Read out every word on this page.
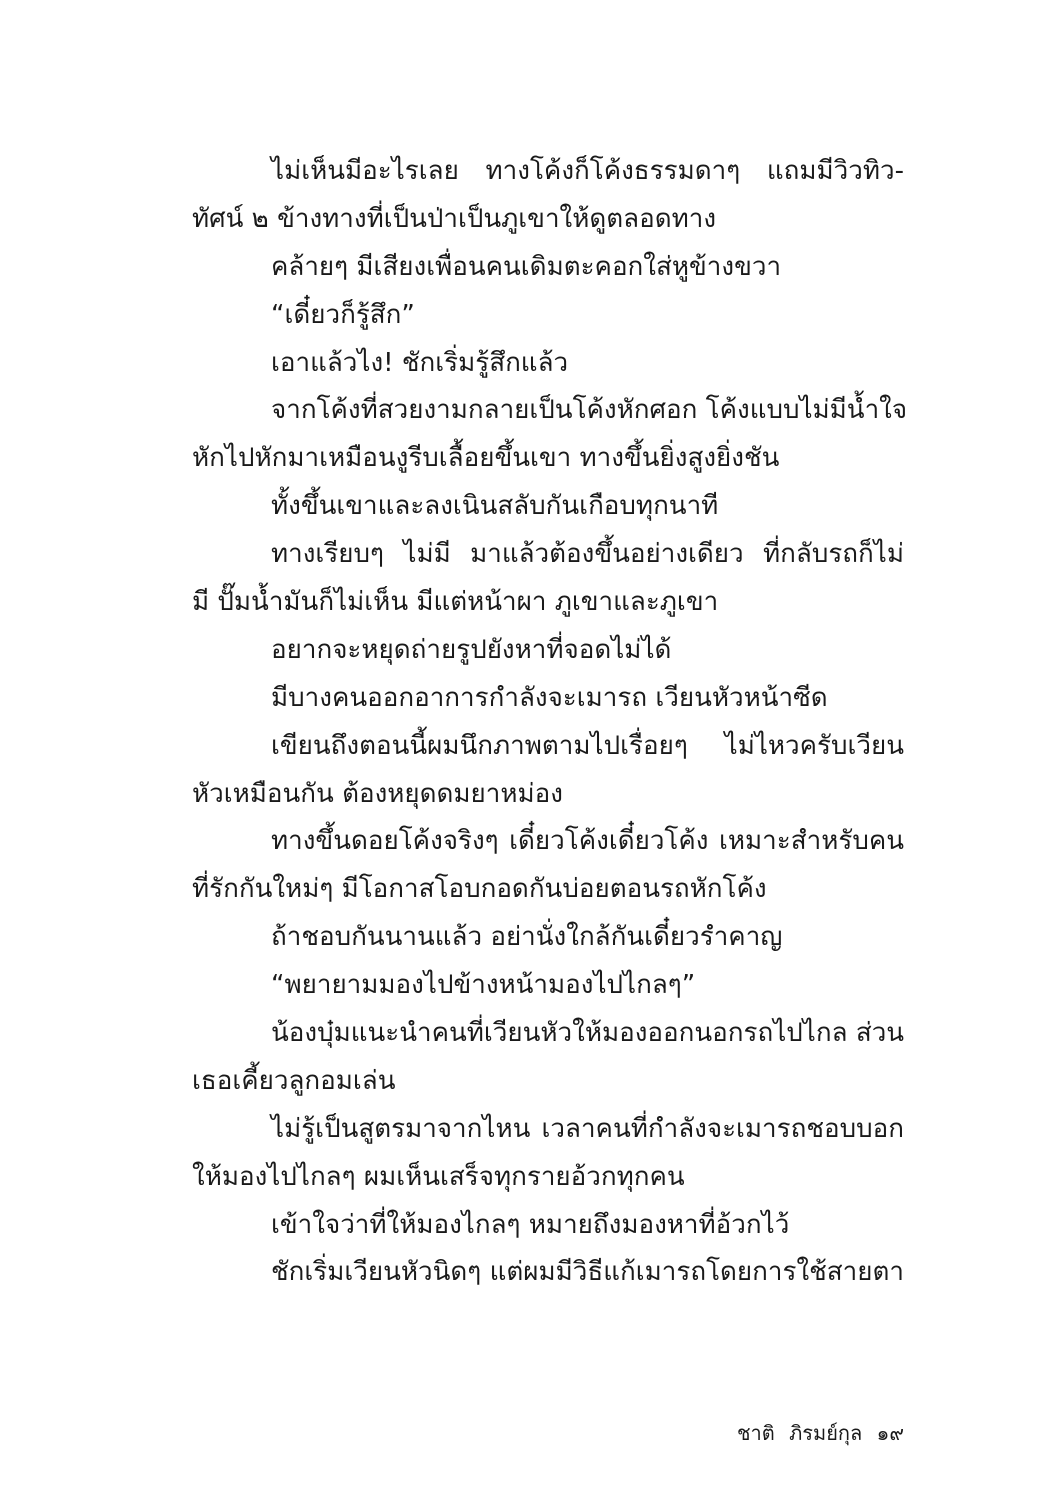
ไม่เห็นมีอะไรเลย ทางโค้งก็โค้งธรรมดาๆ แถมมีวิวทิว-
ทัศน์ ๒ ข้างทางที่เป็นป่าเป็นภูเขาให้ดูตลอดทาง
คล้ายๆ มีเสียงเพื่อนคนเดิมตะคอกใส่หูข้างขวา
“เดี๋ยวก็รู้สึก”
เอาแล้วไง! ชักเริ่มรู้สึกแล้ว
จากโค้งที่สวยงามกลายเป็นโค้งหักศอก โค้งแบบไม่มีน้ำใจ
หักไปหักมาเหมือนงูรีบเลื้อยขึ้นเขา ทางขึ้นยิ่งสูงยิ่งชัน
ทั้งขึ้นเขาและลงเนินสลับกันเกือบทุกนาที
ทางเรียบๆ ไม่มี มาแล้วต้องขึ้นอย่างเดียว ที่กลับรถก็ไม่
มี ปั๊มน้ำมันก็ไม่เห็น มีแต่หน้าผา ภูเขาและภูเขา
อยากจะหยุดถ่ายรูปยังหาที่จอดไม่ได้
มีบางคนออกอาการกำลังจะเมารถ เวียนหัวหน้าซีด
เขียนถึงตอนนี้ผมนึกภาพตามไปเรื่อยๆ ไม่ไหวครับเวียน
หัวเหมือนกัน ต้องหยุดดมยาหม่อง
ทางขึ้นดอยโค้งจริงๆ เดี๋ยวโค้งเดี๋ยวโค้ง เหมาะสำหรับคน
ที่รักกันใหม่ๆ มีโอกาสโอบกอดกันบ่อยตอนรถหักโค้ง
ถ้าชอบกันนานแล้ว อย่านั่งใกล้กันเดี๋ยวรำคาญ
“พยายามมองไปข้างหน้ามองไปไกลๆ”
น้องบุ๋มแนะนำคนที่เวียนหัวให้มองออกนอกรถไปไกล ส่วน
เธอเคี้ยวลูกอมเล่น
ไม่รู้เป็นสูตรมาจากไหน เวลาคนที่กำลังจะเมารถชอบบอก
ให้มองไปไกลๆ ผมเห็นเสร็จทุกรายอ้วกทุกคน
เข้าใจว่าที่ให้มองไกลๆ หมายถึงมองหาที่อ้วกไว้
ชักเริ่มเวียนหัวนิดๆ แต่ผมมีวิธีแก้เมารถโดยการใช้สายตา
ชาติ ภิรมย์กุล ๑๙
